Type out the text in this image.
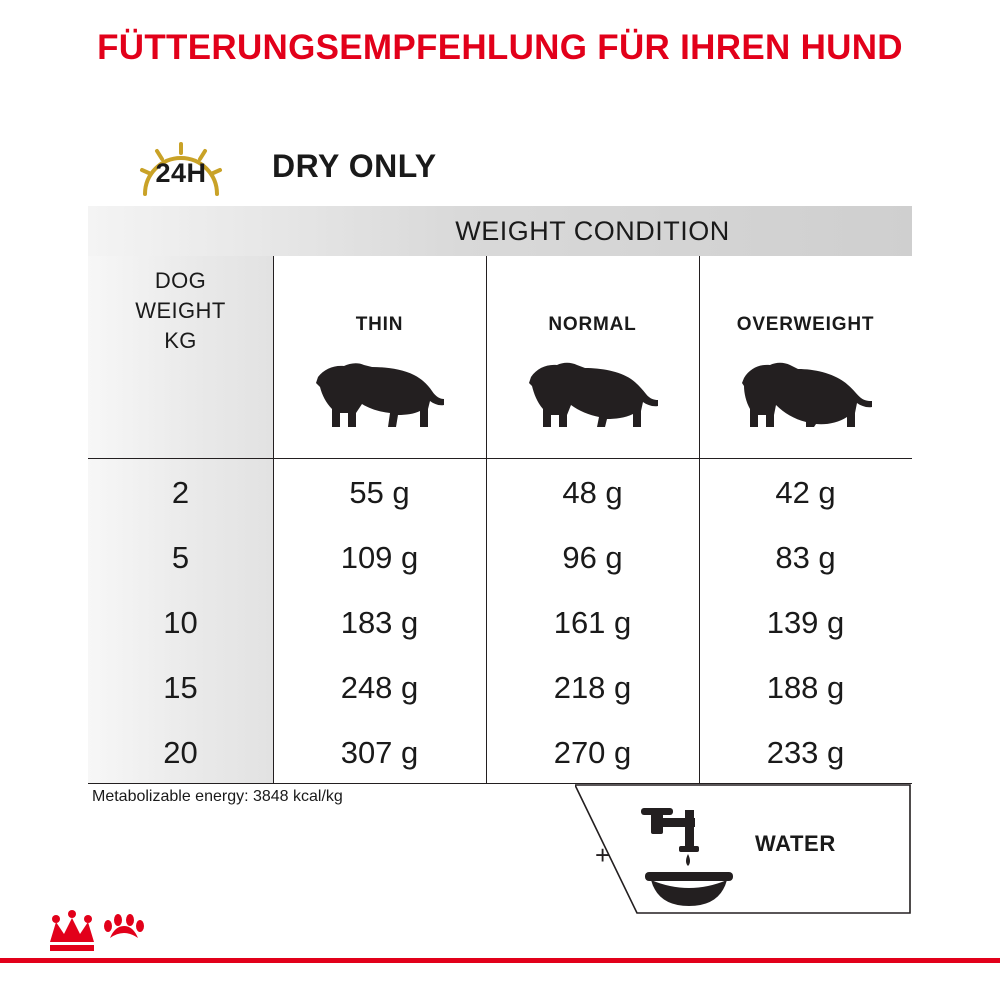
FÜTTERUNGSEMPFEHLUNG FÜR IHREN HUND
24H	DRY ONLY
WEIGHT CONDITION
DOG
WEIGHT
KG
THIN	NORMAL	OVERWEIGHT
2	55 g	48 g	42 g
5	109 g	96 g	83 g
10	183 g	161 g	139 g
15	248 g	218 g	188 g
20	307 g	270 g	233 g
Metabolizable energy: 3848 kcal/kg
+	WATER
